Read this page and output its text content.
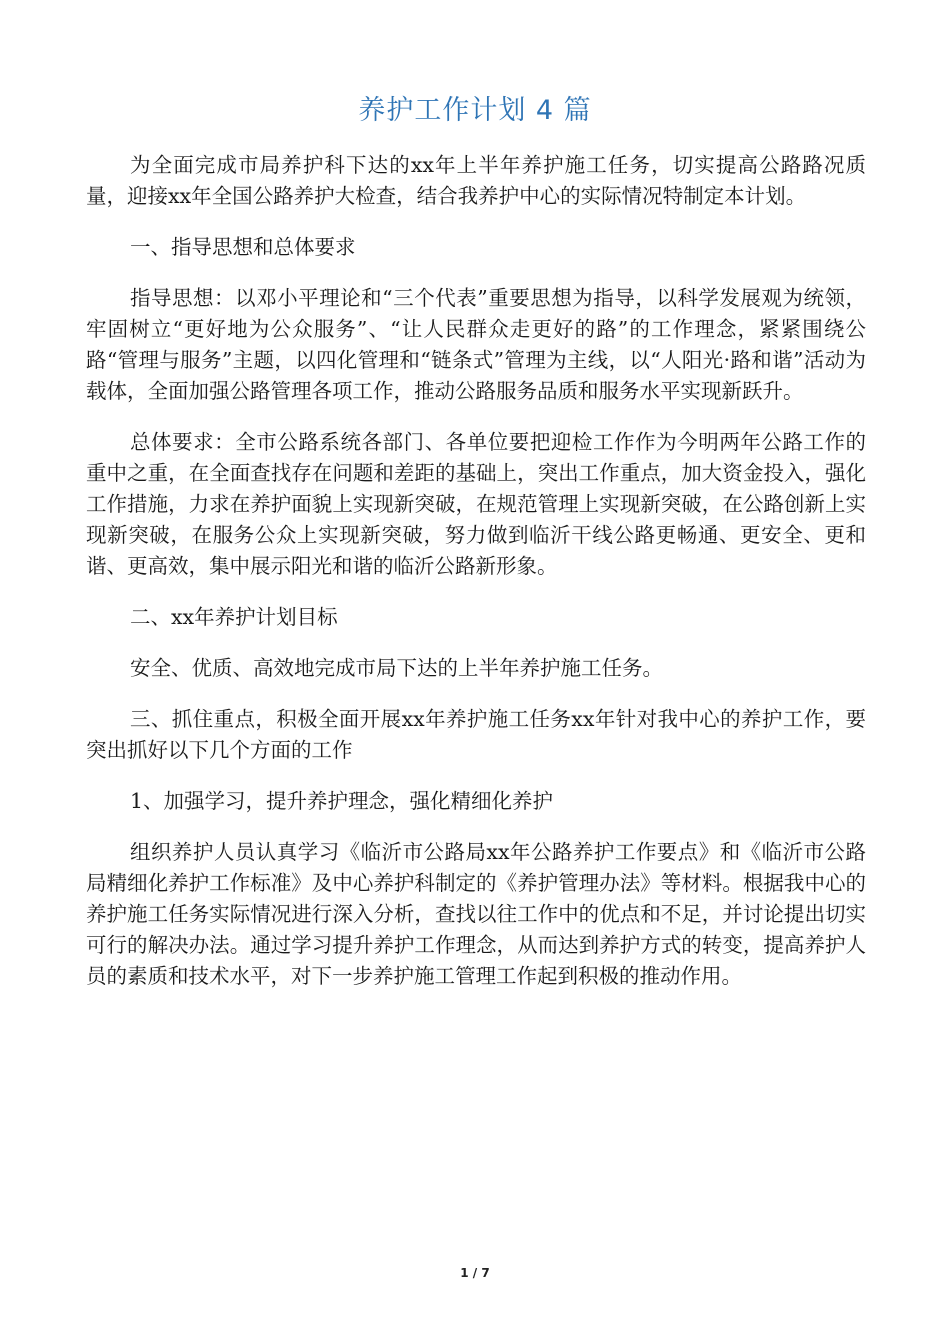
养护工作计划 4 篇

为全面完成市局养护科下达的xx年上半年养护施工任务，切实提高公路路况质量，迎接xx年全国公路养护大检查，结合我养护中心的实际情况特制定本计划。

一、指导思想和总体要求

指导思想：以邓小平理论和“三个代表”重要思想为指导，以科学发展观为统领，牢固树立“更好地为公众服务”、“让人民群众走更好的路”的工作理念，紧紧围绕公路“管理与服务”主题，以四化管理和“链条式”管理为主线，以“人阳光·路和谐”活动为载体，全面加强公路管理各项工作，推动公路服务品质和服务水平实现新跃升。

总体要求：全市公路系统各部门、各单位要把迎检工作作为今明两年公路工作的重中之重，在全面查找存在问题和差距的基础上，突出工作重点，加大资金投入，强化工作措施，力求在养护面貌上实现新突破，在规范管理上实现新突破，在公路创新上实现新突破，在服务公众上实现新突破，努力做到临沂干线公路更畅通、更安全、更和谐、更高效，集中展示阳光和谐的临沂公路新形象。

二、xx年养护计划目标

安全、优质、高效地完成市局下达的上半年养护施工任务。

三、抓住重点，积极全面开展xx年养护施工任务xx年针对我中心的养护工作，要突出抓好以下几个方面的工作

1、加强学习，提升养护理念，强化精细化养护

组织养护人员认真学习《临沂市公路局xx年公路养护工作要点》和《临沂市公路局精细化养护工作标准》及中心养护科制定的《养护管理办法》等材料。根据我中心的养护施工任务实际情况进行深入分析，查找以往工作中的优点和不足，并讨论提出切实可行的解决办法。通过学习提升养护工作理念，从而达到养护方式的转变，提高养护人员的素质和技术水平，对下一步养护施工管理工作起到积极的推动作用。

1 / 7
